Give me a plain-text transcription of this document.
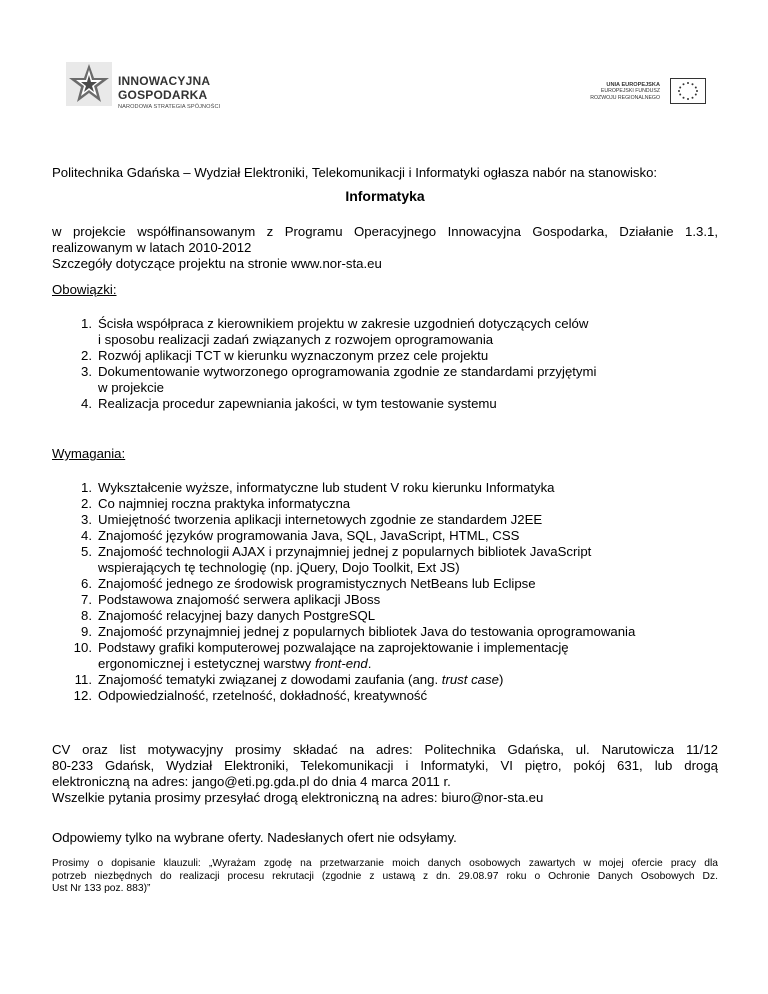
INNOWACYJNA
GOSPODARKA
NARODOWA STRATEGIA SPÓJNOŚCI
UNIA EUROPEJSKA
EUROPEJSKI FUNDUSZ
ROZWOJU REGIONALNEGO
Politechnika Gdańska – Wydział Elektroniki, Telekomunikacji i Informatyki ogłasza nabór na stanowisko:
Informatyka
w projekcie współfinansowanym z Programu Operacyjnego Innowacyjna Gospodarka, Działanie 1.3.1,
realizowanym w latach 2010-2012
Szczegóły dotyczące projektu na stronie www.nor-sta.eu
Obowiązki:
1. Ścisła współpraca z kierownikiem projektu w zakresie uzgodnień dotyczących celów
i sposobu realizacji zadań związanych z rozwojem oprogramowania
2. Rozwój aplikacji TCT w kierunku wyznaczonym przez cele projektu
3. Dokumentowanie wytworzonego oprogramowania zgodnie ze standardami przyjętymi
w projekcie
4. Realizacja procedur zapewniania jakości, w tym testowanie systemu
Wymagania:
1. Wykształcenie wyższe, informatyczne lub student V roku kierunku Informatyka
2. Co najmniej roczna praktyka informatyczna
3. Umiejętność tworzenia aplikacji internetowych zgodnie ze standardem J2EE
4. Znajomość języków programowania Java, SQL, JavaScript, HTML, CSS
5. Znajomość technologii AJAX i przynajmniej jednej z popularnych bibliotek JavaScript
wspierających tę technologię (np. jQuery, Dojo Toolkit, Ext JS)
6. Znajomość jednego ze środowisk programistycznych NetBeans lub Eclipse
7. Podstawowa znajomość serwera aplikacji JBoss
8. Znajomość relacyjnej bazy danych PostgreSQL
9. Znajomość przynajmniej jednej z popularnych bibliotek Java do testowania oprogramowania
10. Podstawy grafiki komputerowej pozwalające na zaprojektowanie i implementację
ergonomicznej i estetycznej warstwy front-end.
11. Znajomość tematyki związanej z dowodami zaufania (ang. trust case)
12. Odpowiedzialność, rzetelność, dokładność, kreatywność
CV oraz list motywacyjny prosimy składać na adres: Politechnika Gdańska, ul. Narutowicza 11/12
80-233 Gdańsk, Wydział Elektroniki, Telekomunikacji i Informatyki, VI piętro, pokój 631, lub drogą
elektroniczną na adres: jango@eti.pg.gda.pl do dnia 4 marca 2011 r.
Wszelkie pytania prosimy przesyłać drogą elektroniczną na adres: biuro@nor-sta.eu
Odpowiemy tylko na wybrane oferty. Nadesłanych ofert nie odsyłamy.
Prosimy o dopisanie klauzuli: „Wyrażam zgodę na przetwarzanie moich danych osobowych zawartych w mojej ofercie pracy dla
potrzeb niezbędnych do realizacji procesu rekrutacji (zgodnie z ustawą z dn. 29.08.97 roku o Ochronie Danych Osobowych Dz.
Ust Nr 133 poz. 883)”
